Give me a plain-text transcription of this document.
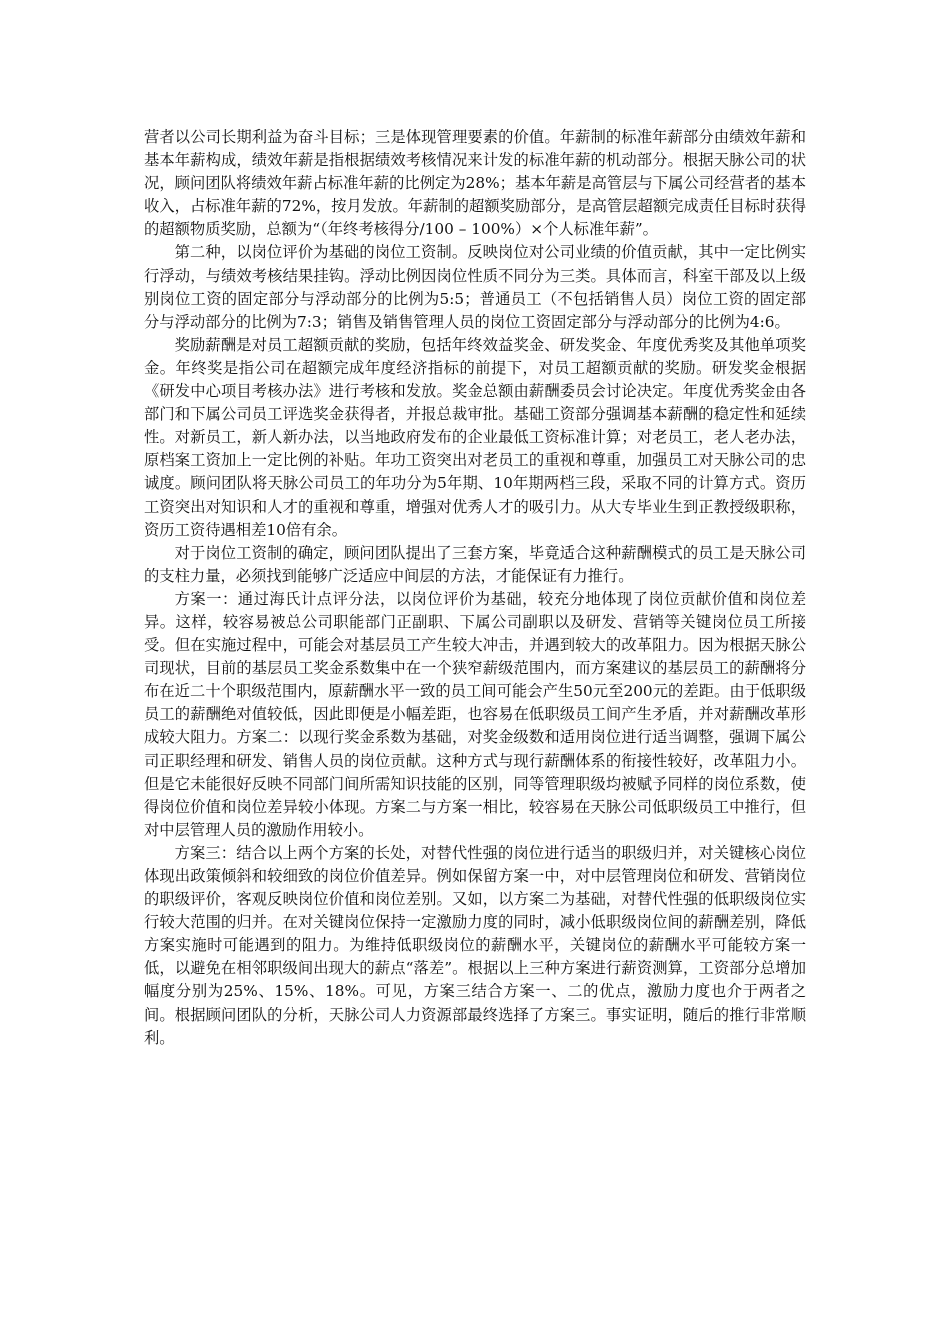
营者以公司长期利益为奋斗目标；三是体现管理要素的价值。年薪制的标准年薪部分由绩效年薪和基本年薪构成，绩效年薪是指根据绩效考核情况来计发的标准年薪的机动部分。根据天脉公司的状况，顾问团队将绩效年薪占标准年薪的比例定为28%；基本年薪是高管层与下属公司经营者的基本收入，占标准年薪的72%，按月发放。年薪制的超额奖励部分，是高管层超额完成责任目标时获得的超额物质奖励，总额为“（年终考核得分/100 – 100%）×个人标准年薪”。

第二种，以岗位评价为基础的岗位工资制。反映岗位对公司业绩的价值贡献，其中一定比例实行浮动，与绩效考核结果挂钩。浮动比例因岗位性质不同分为三类。具体而言，科室干部及以上级别岗位工资的固定部分与浮动部分的比例为5:5；普通员工（不包括销售人员）岗位工资的固定部分与浮动部分的比例为7:3；销售及销售管理人员的岗位工资固定部分与浮动部分的比例为4:6。

奖励薪酬是对员工超额贡献的奖励，包括年终效益奖金、研发奖金、年度优秀奖及其他单项奖金。年终奖是指公司在超额完成年度经济指标的前提下，对员工超额贡献的奖励。研发奖金根据《研发中心项目考核办法》进行考核和发放。奖金总额由薪酬委员会讨论决定。年度优秀奖金由各部门和下属公司员工评选奖金获得者，并报总裁审批。基础工资部分强调基本薪酬的稳定性和延续性。对新员工，新人新办法，以当地政府发布的企业最低工资标准计算；对老员工，老人老办法，原档案工资加上一定比例的补贴。年功工资突出对老员工的重视和尊重，加强员工对天脉公司的忠诚度。顾问团队将天脉公司员工的年功分为5年期、10年期两档三段，采取不同的计算方式。资历工资突出对知识和人才的重视和尊重，增强对优秀人才的吸引力。从大专毕业生到正教授级职称，资历工资待遇相差10倍有余。

对于岗位工资制的确定，顾问团队提出了三套方案，毕竟适合这种薪酬模式的员工是天脉公司的支柱力量，必须找到能够广泛适应中间层的方法，才能保证有力推行。

方案一：通过海氏计点评分法，以岗位评价为基础，较充分地体现了岗位贡献价值和岗位差异。这样，较容易被总公司职能部门正副职、下属公司副职以及研发、营销等关键岗位员工所接受。但在实施过程中，可能会对基层员工产生较大冲击，并遇到较大的改革阻力。因为根据天脉公司现状，目前的基层员工奖金系数集中在一个狭窄薪级范围内，而方案建议的基层员工的薪酬将分布在近二十个职级范围内，原薪酬水平一致的员工间可能会产生50元至200元的差距。由于低职级员工的薪酬绝对值较低，因此即便是小幅差距，也容易在低职级员工间产生矛盾，并对薪酬改革形成较大阻力。方案二：以现行奖金系数为基础，对奖金级数和适用岗位进行适当调整，强调下属公司正职经理和研发、销售人员的岗位贡献。这种方式与现行薪酬体系的衔接性较好，改革阻力小。但是它未能很好反映不同部门间所需知识技能的区别，同等管理职级均被赋予同样的岗位系数，使得岗位价值和岗位差异较小体现。方案二与方案一相比，较容易在天脉公司低职级员工中推行，但对中层管理人员的激励作用较小。

方案三：结合以上两个方案的长处，对替代性强的岗位进行适当的职级归并，对关键核心岗位体现出政策倾斜和较细致的岗位价值差异。例如保留方案一中，对中层管理岗位和研发、营销岗位的职级评价，客观反映岗位价值和岗位差别。又如，以方案二为基础，对替代性强的低职级岗位实行较大范围的归并。在对关键岗位保持一定激励力度的同时，减小低职级岗位间的薪酬差别，降低方案实施时可能遇到的阻力。为维持低职级岗位的薪酬水平，关键岗位的薪酬水平可能较方案一低，以避免在相邻职级间出现大的薪点“落差”。根据以上三种方案进行薪资测算，工资部分总增加幅度分别为25%、15%、18%。可见，方案三结合方案一、二的优点，激励力度也介于两者之间。根据顾问团队的分析，天脉公司人力资源部最终选择了方案三。事实证明，随后的推行非常顺利。
